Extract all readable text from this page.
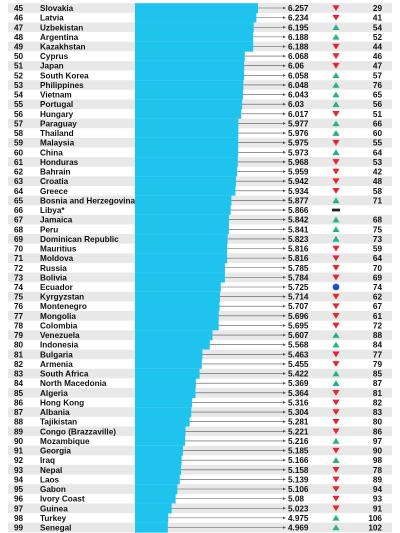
45 Slovakia	6.257	29
46 Latvia	6.234	41
47 Uzbekistan	6.195	54
48 Argentina	6.188	52
49 Kazakhstan	6.188	44
50 Cyprus	6.068	46
51 Japan	6.06	47
52 South Korea	6.058	57
53 Philippines	6.048	76
54 Vietnam	6.043	65
55 Portugal	6.03	56
56 Hungary	6.017	51
57 Paraguay	5.977	66
58 Thailand	5.976	60
59 Malaysia	5.975	55
60 China	5.973	64
61 Honduras	5.968	53
62 Bahrain	5.959	42
63 Croatia	5.942	48
64 Greece	5.934	58
65 Bosnia and Herzegovina	5.877	71
66 Libya*	5.866
67 Jamaica	5.842	68
68 Peru	5.841	75
69 Dominican Republic	5.823	73
70 Mauritius	5.816	59
71 Moldova	5.816	64
72 Russia	5.785	70
73 Bolivia	5.784	69
74 Ecuador	5.725	74
75 Kyrgyzstan	5.714	62
76 Montenegro	5.707	67
77 Mongolia	5.696	61
78 Colombia	5.695	72
79 Venezuela	5.607	88
80 Indonesia	5.568	84
81 Bulgaria	5.463	77
82 Armenia	5.455	79
83 South Africa	5.422	85
84 North Macedonia	5.369	87
85 Algeria	5.364	81
86 Hong Kong	5.316	82
87 Albania	5.304	83
88 Tajikistan	5.281	80
89 Congo (Brazzaville)	5.221	86
90 Mozambique	5.216	97
91 Georgia	5.185	90
92 Iraq	5.166	98
93 Nepal	5.158	78
94 Laos	5.139	89
95 Gabon	5.106	94
96 Ivory Coast	5.08	93
97 Guinea	5.023	91
98 Turkey	4.975	106
99 Senegal	4.969	102
